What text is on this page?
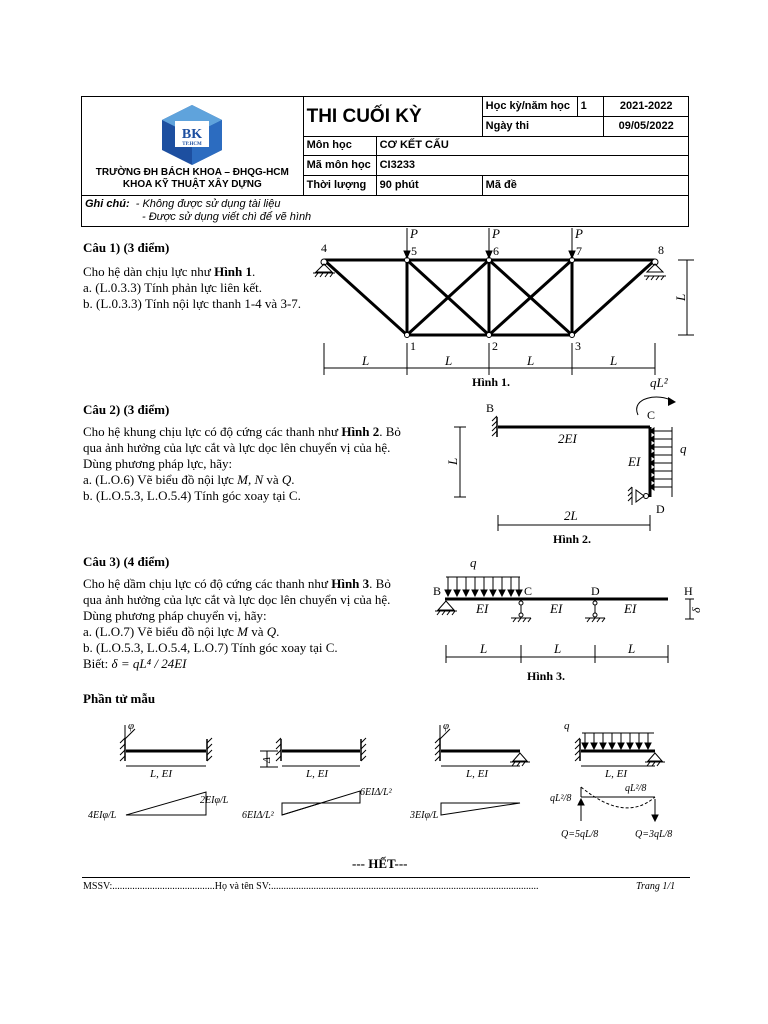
BK
TP.HCM
TRƯỜNG ĐH BÁCH KHOA – ĐHQG-HCM
KHOA KỸ THUẬT XÂY DỰNG	THI CUỐI KỲ		Học kỳ/năm học	1	2021-2022
			Ngày thi		09/05/2022
	Môn học	CƠ KẾT CẤU			
	Mã môn học	CI3233			
	Thời lượng	90 phút	Mã đề		

Ghi chú: - Không được sử dụng tài liệu
- Được sử dụng viết chì để vẽ hình					
Câu 1) (3 điểm)
Cho hệ dàn chịu lực như Hình 1.
a. (L.0.3.3) Tính phản lực liên kết.
b. (L.0.3.3) Tính nội lực thanh 1-4 và 3-7.
P	P	P
4	5	6	7	8
1	2	3
L	L	L	L
L
Hình 1.
Câu 2) (3 điểm)
Cho hệ khung chịu lực có độ cứng các thanh như Hình 2. Bỏ
qua ảnh hưởng của lực cắt và lực dọc lên chuyển vị của hệ.
Dùng phương pháp lực, hãy:
a. (L.O.6) Vẽ biểu đồ nội lực M, N và Q.
b. (L.O.5.3, L.O.5.4) Tính góc xoay tại C.
B	C
D
q
qL²
2EI
EI
L
2L
Hình 2.
Câu 3) (4 điểm)
Cho hệ dầm chịu lực có độ cứng các thanh như Hình 3. Bỏ
qua ảnh hưởng của lực cắt và lực dọc lên chuyển vị của hệ.
Dùng phương pháp chuyển vị, hãy:
a. (L.O.7) Vẽ biểu đồ nội lực M và Q.
b. (L.O.5.3, L.O.5.4, L.O.7) Tính góc xoay tại C.
Biết: δ = qL⁴ / 24EI
q
B	C	D	H
EI	EI	EI	δ
L	L	L
Hình 3.
Phần tử mẫu
φ
L, EI
4EIφ/L
2EIφ/L
Δ
L, EI
6EIΔ/L²
6EIΔ/L²
φ
L, EI
3EIφ/L
q
L, EI
qL²/8
qL²/8
Q=5qL/8	Q=3qL/8
--- HẾT---
MSSV:.........................................Họ và tên SV:...........................................................................................................	Trang 1/1
